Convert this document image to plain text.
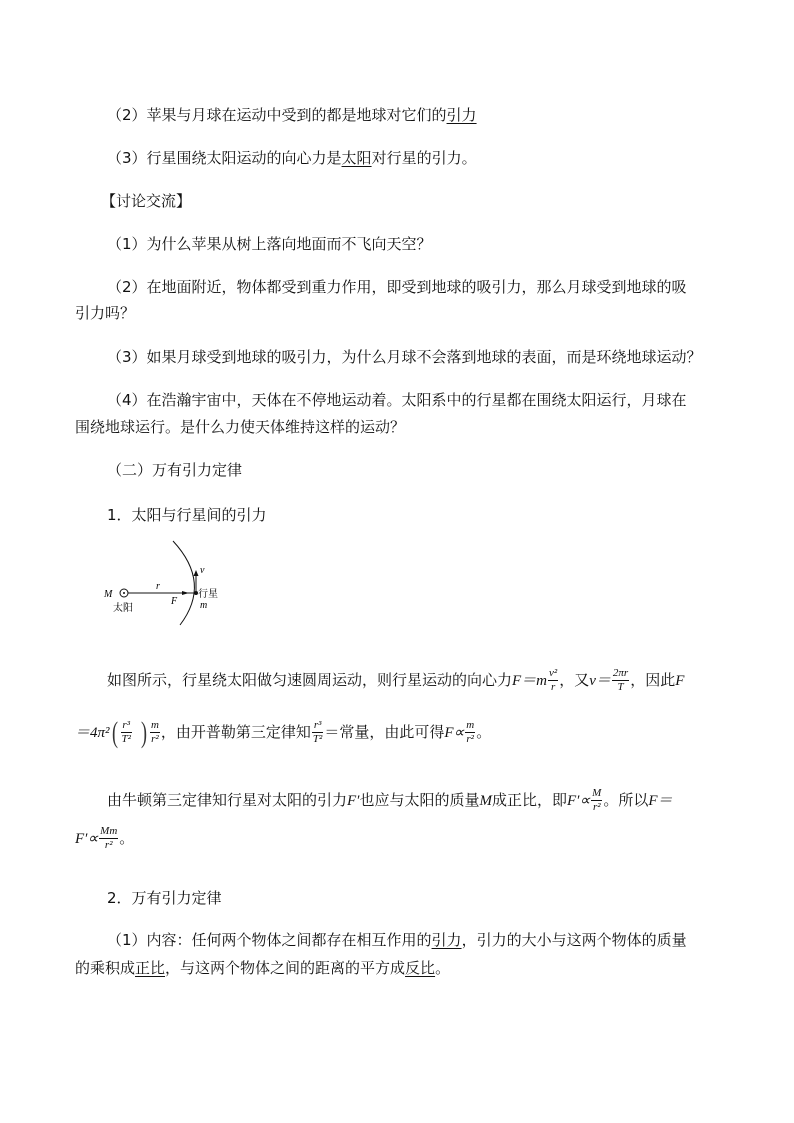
（2）苹果与月球在运动中受到的都是地球对它们的引力
（3）行星围绕太阳运动的向心力是太阳对行星的引力。
【讨论交流】
（1）为什么苹果从树上落向地面而不飞向天空？
（2）在地面附近，物体都受到重力作用，即受到地球的吸引力，那么月球受到地球的吸
引力吗？
（3）如果月球受到地球的吸引力，为什么月球不会落到地球的表面，而是环绕地球运动？
（4）在浩瀚宇宙中，天体在不停地运动着。太阳系中的行星都在围绕太阳运行，月球在
围绕地球运行。是什么力使天体维持这样的运动？
（二）万有引力定律
1．太阳与行星间的引力
M
太阳
r
F
v
行星
m
如图所示，行星绕太阳做匀速圆周运动，则行星运动的向心力$F=m \frac{\text{v²}}{r}$ ，又$v= \frac{2\pi r}{T}$ ，因此F
$=4\pi^2( \frac{\text{r³}}{\text{T²}}$ ) $\frac{m}{\text{r²}}$ ，由开普勒第三定律知 $\frac{\text{r³}}{\text{T²}}$ ＝常量，由此可得$F\propto \frac{m}{\text{r²}}$ 。
由牛顿第三定律知行星对太阳的引力F′也应与太阳的质量M成正比，即$F'\propto \frac{M}{\text{r²}}$ 。所以F＝
$F'\propto \frac{Mm}{\text{r²}}$ 。
2．万有引力定律
（1）内容：任何两个物体之间都存在相互作用的引力，引力的大小与这两个物体的质量
的乘积成正比，与这两个物体之间的距离的平方成反比。
